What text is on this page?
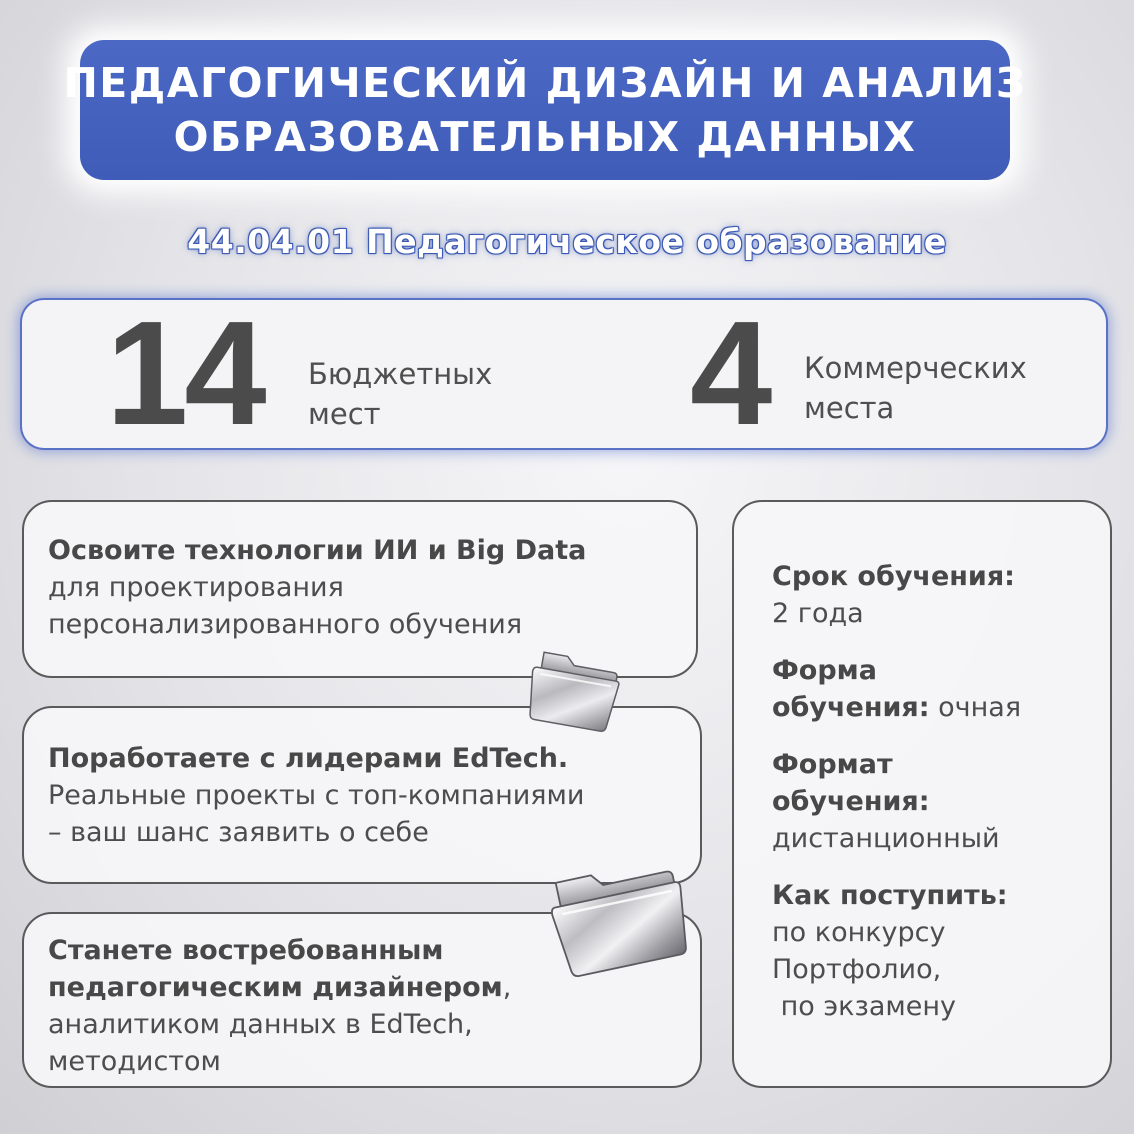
ПЕДАГОГИЧЕСКИЙ ДИЗАЙН И АНАЛИЗ
ОБРАЗОВАТЕЛЬНЫХ ДАННЫХ
44.04.01 Педагогическое образование
14 Бюджетных
мест	4 Коммерческих
места
Освоите технологии ИИ и Big Data
для проектирования
персонализированного обучения
Поработаете с лидерами EdTech.
Реальные проекты с топ-компаниями
– ваш шанс заявить о себе
Станете востребованным
педагогическим дизайнером,
аналитиком данных в EdTech,
методистом
Срок обучения:
2 года
Форма
обучения: очная
Формат
обучения:
дистанционный
Как поступить:
по конкурсу
Портфолио,
по экзамену
